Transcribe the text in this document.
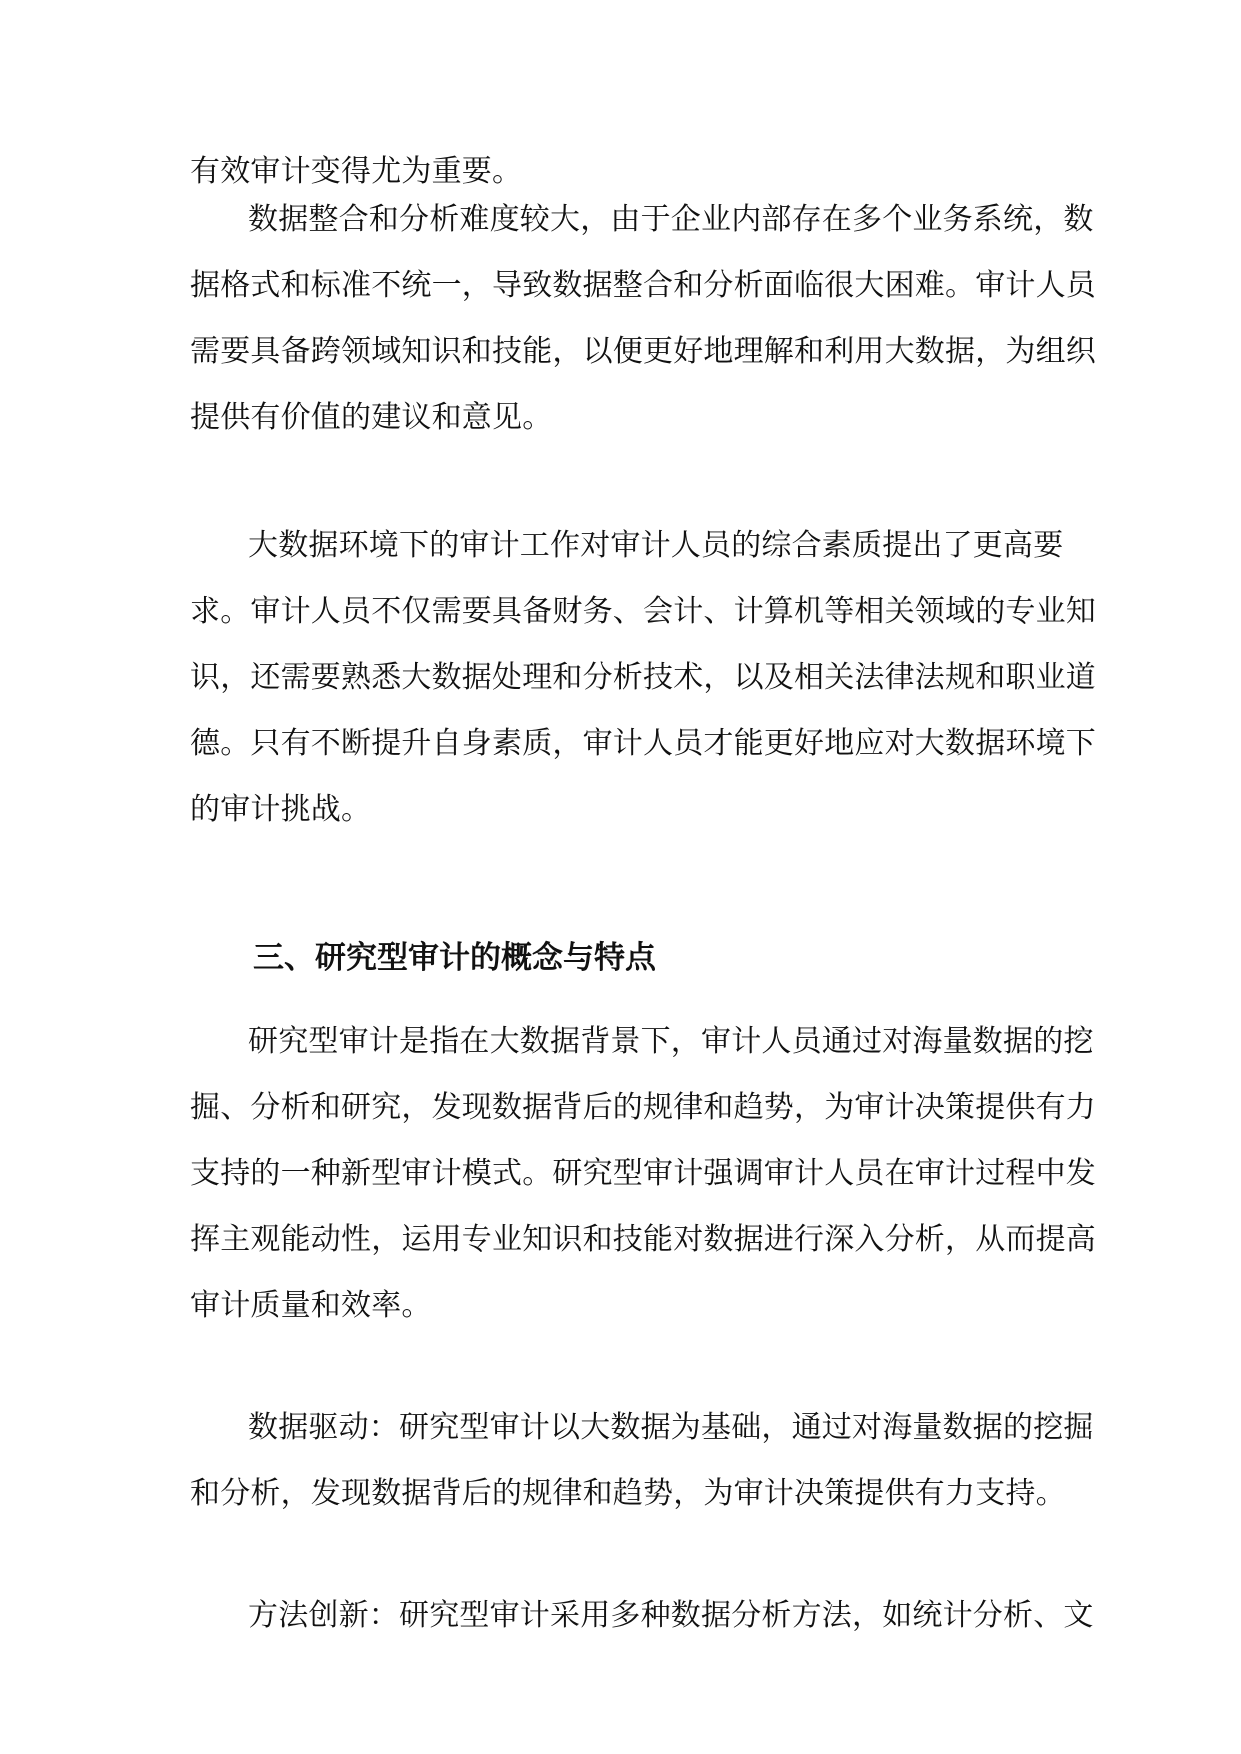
有效审计变得尤为重要。
数据整合和分析难度较大，由于企业内部存在多个业务系统，数
据格式和标准不统一，导致数据整合和分析面临很大困难。审计人员
需要具备跨领域知识和技能，以便更好地理解和利用大数据，为组织
提供有价值的建议和意见。
大数据环境下的审计工作对审计人员的综合素质提出了更高要
求。审计人员不仅需要具备财务、会计、计算机等相关领域的专业知
识，还需要熟悉大数据处理和分析技术，以及相关法律法规和职业道
德。只有不断提升自身素质，审计人员才能更好地应对大数据环境下
的审计挑战。
三、研究型审计的概念与特点
研究型审计是指在大数据背景下，审计人员通过对海量数据的挖
掘、分析和研究，发现数据背后的规律和趋势，为审计决策提供有力
支持的一种新型审计模式。研究型审计强调审计人员在审计过程中发
挥主观能动性，运用专业知识和技能对数据进行深入分析，从而提高
审计质量和效率。
数据驱动：研究型审计以大数据为基础，通过对海量数据的挖掘
和分析，发现数据背后的规律和趋势，为审计决策提供有力支持。
方法创新：研究型审计采用多种数据分析方法，如统计分析、文
